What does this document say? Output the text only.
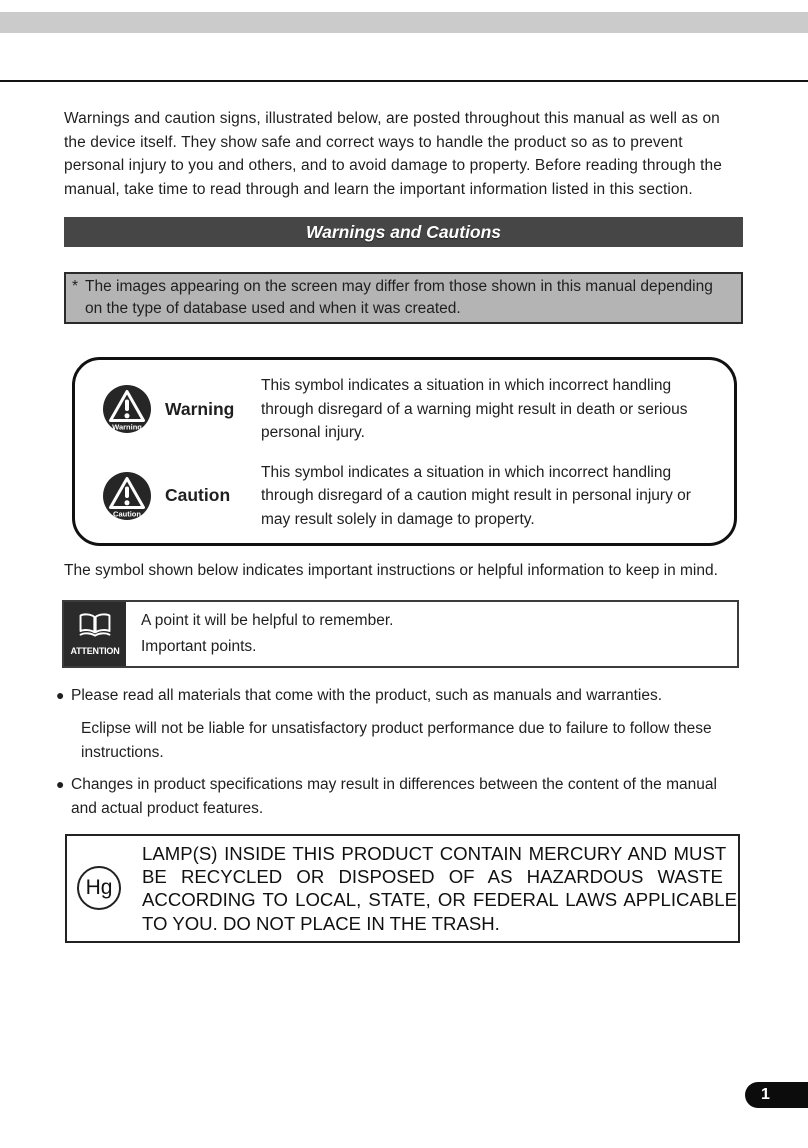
Warnings and caution signs, illustrated below, are posted throughout this manual as well as on the device itself. They show safe and correct ways to handle the product so as to prevent personal injury to you and others, and to avoid damage to property. Before reading through the manual, take time to read through and learn the important information listed in this section.

Warnings and Cautions
* The images appearing on the screen may differ from those shown in this manual depending on the type of database used and when it was created.
Warning
Warning

This symbol indicates a situation in which incorrect handling through disregard of a warning might result in death or serious personal injury.

Caution
Caution

This symbol indicates a situation in which incorrect handling through disregard of a caution might result in personal injury or may result solely in damage to property.

The symbol shown below indicates important instructions or helpful information to keep in mind.

ATTENTION
A point it will be helpful to remember.
Important points.
● Please read all materials that come with the product, such as manuals and warranties.

Eclipse will not be liable for unsatisfactory product performance due to failure to follow these instructions.

● Changes in product specifications may result in differences between the content of the manual and actual product features.
Hg
LAMP(S) INSIDE THIS PRODUCT CONTAIN MERCURY AND MUST
BE RECYCLED OR DISPOSED OF AS HAZARDOUS WASTE
ACCORDING TO LOCAL, STATE, OR FEDERAL LAWS APPLICABLE
TO YOU. DO NOT PLACE IN THE TRASH.
1
